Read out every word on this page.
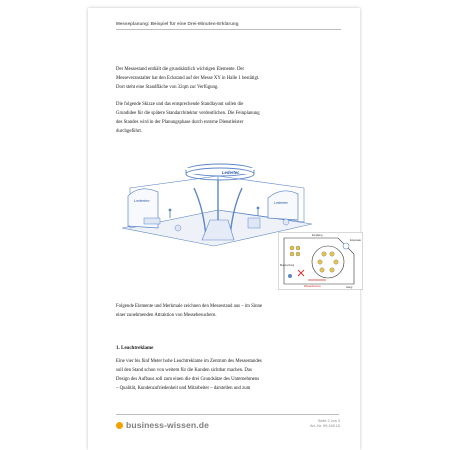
Messeplanung: Beispiel für eine Drei-Minuten-Erklärung

Der Messestand enthält die grundsätzlich wichtigen Elemente. Der
Messeveranstalter hat den Eckstand auf der Messe XY in Halle 1 bestätigt.
Dort steht eine Standfläche von 32qm zur Verfügung.

Die folgende Skizze und das entsprechende Standlayout sollen die
Grundidee für die spätere Standarchitektur verdeutlichen. Die Feinplanung
des Standes wird in der Planungsphase durch externe Dienstleister
durchgeführt.

Ledertec	Ledertec
Ledertec
Empfang
Exponate
Besprechung
Wasserbrunnen	Gang

Folgende Elemente und Merkmale zeichnen den Messestand aus – im Sinne
einer zunehmenden Attraktion von Messebesuchern.

1. Leuchtreklame

Eine vier bis fünf Meter hohe Leuchtreklame im Zentrum des Messestandes
soll den Stand schon von weitem für die Kunden sichtbar machen. Das
Design des Aufbaus soll zum einen die drei Grundsätze des Unternehmens
– Qualität, Kundenzufriedenheit und Mitarbeiter – darstellen und zum

business-wissen.de	Seite 2 von 3
Art.-Nr. 99.158.15
